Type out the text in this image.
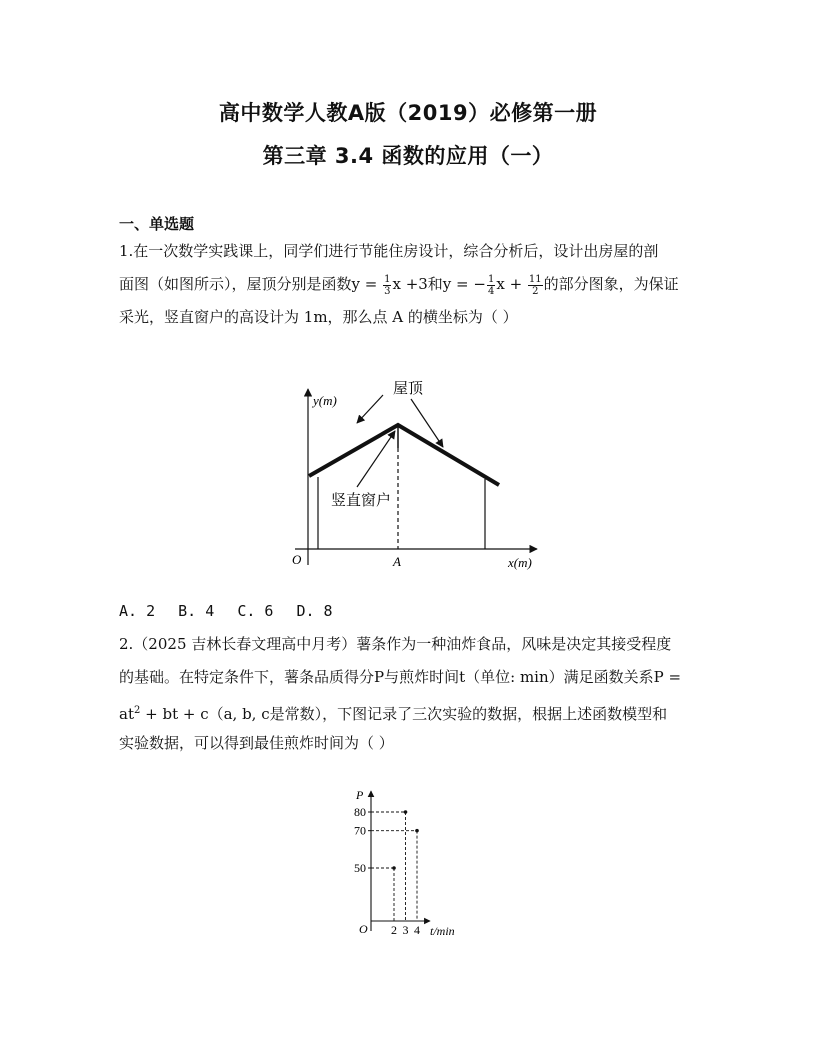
高中数学人教A版（2019）必修第一册
第三章 3.4 函数的应用（一）
一、单选题
1.在一次数学实践课上，同学们进行节能住房设计，综合分析后，设计出房屋的剖
面图（如图所示），屋顶分别是函数$y = \frac{1}{3}$ x +3和y = − $\frac{1}{4}$ $x + \frac{11}{2}$ 的部分图象，为保证
采光，竖直窗户的高设计为 1m，那么点 A 的横坐标为（ ）
y(m)
x(m)
O	A
屋顶
竖直窗户
A. 2 B. 4 C. 6 D. 8
2.（2025 吉林长春文理高中月考）薯条作为一种油炸食品，风味是决定其接受程度
的基础。在特定条件下，薯条品质得分P与煎炸时间t（单位: min）满足函数关系P =
$at^2$ + bt + c（a, b, c是常数），下图记录了三次实验的数据，根据上述函数模型和
实验数据，可以得到最佳煎炸时间为（ ）
P
O	t/min
50
2
80
3
70
4
